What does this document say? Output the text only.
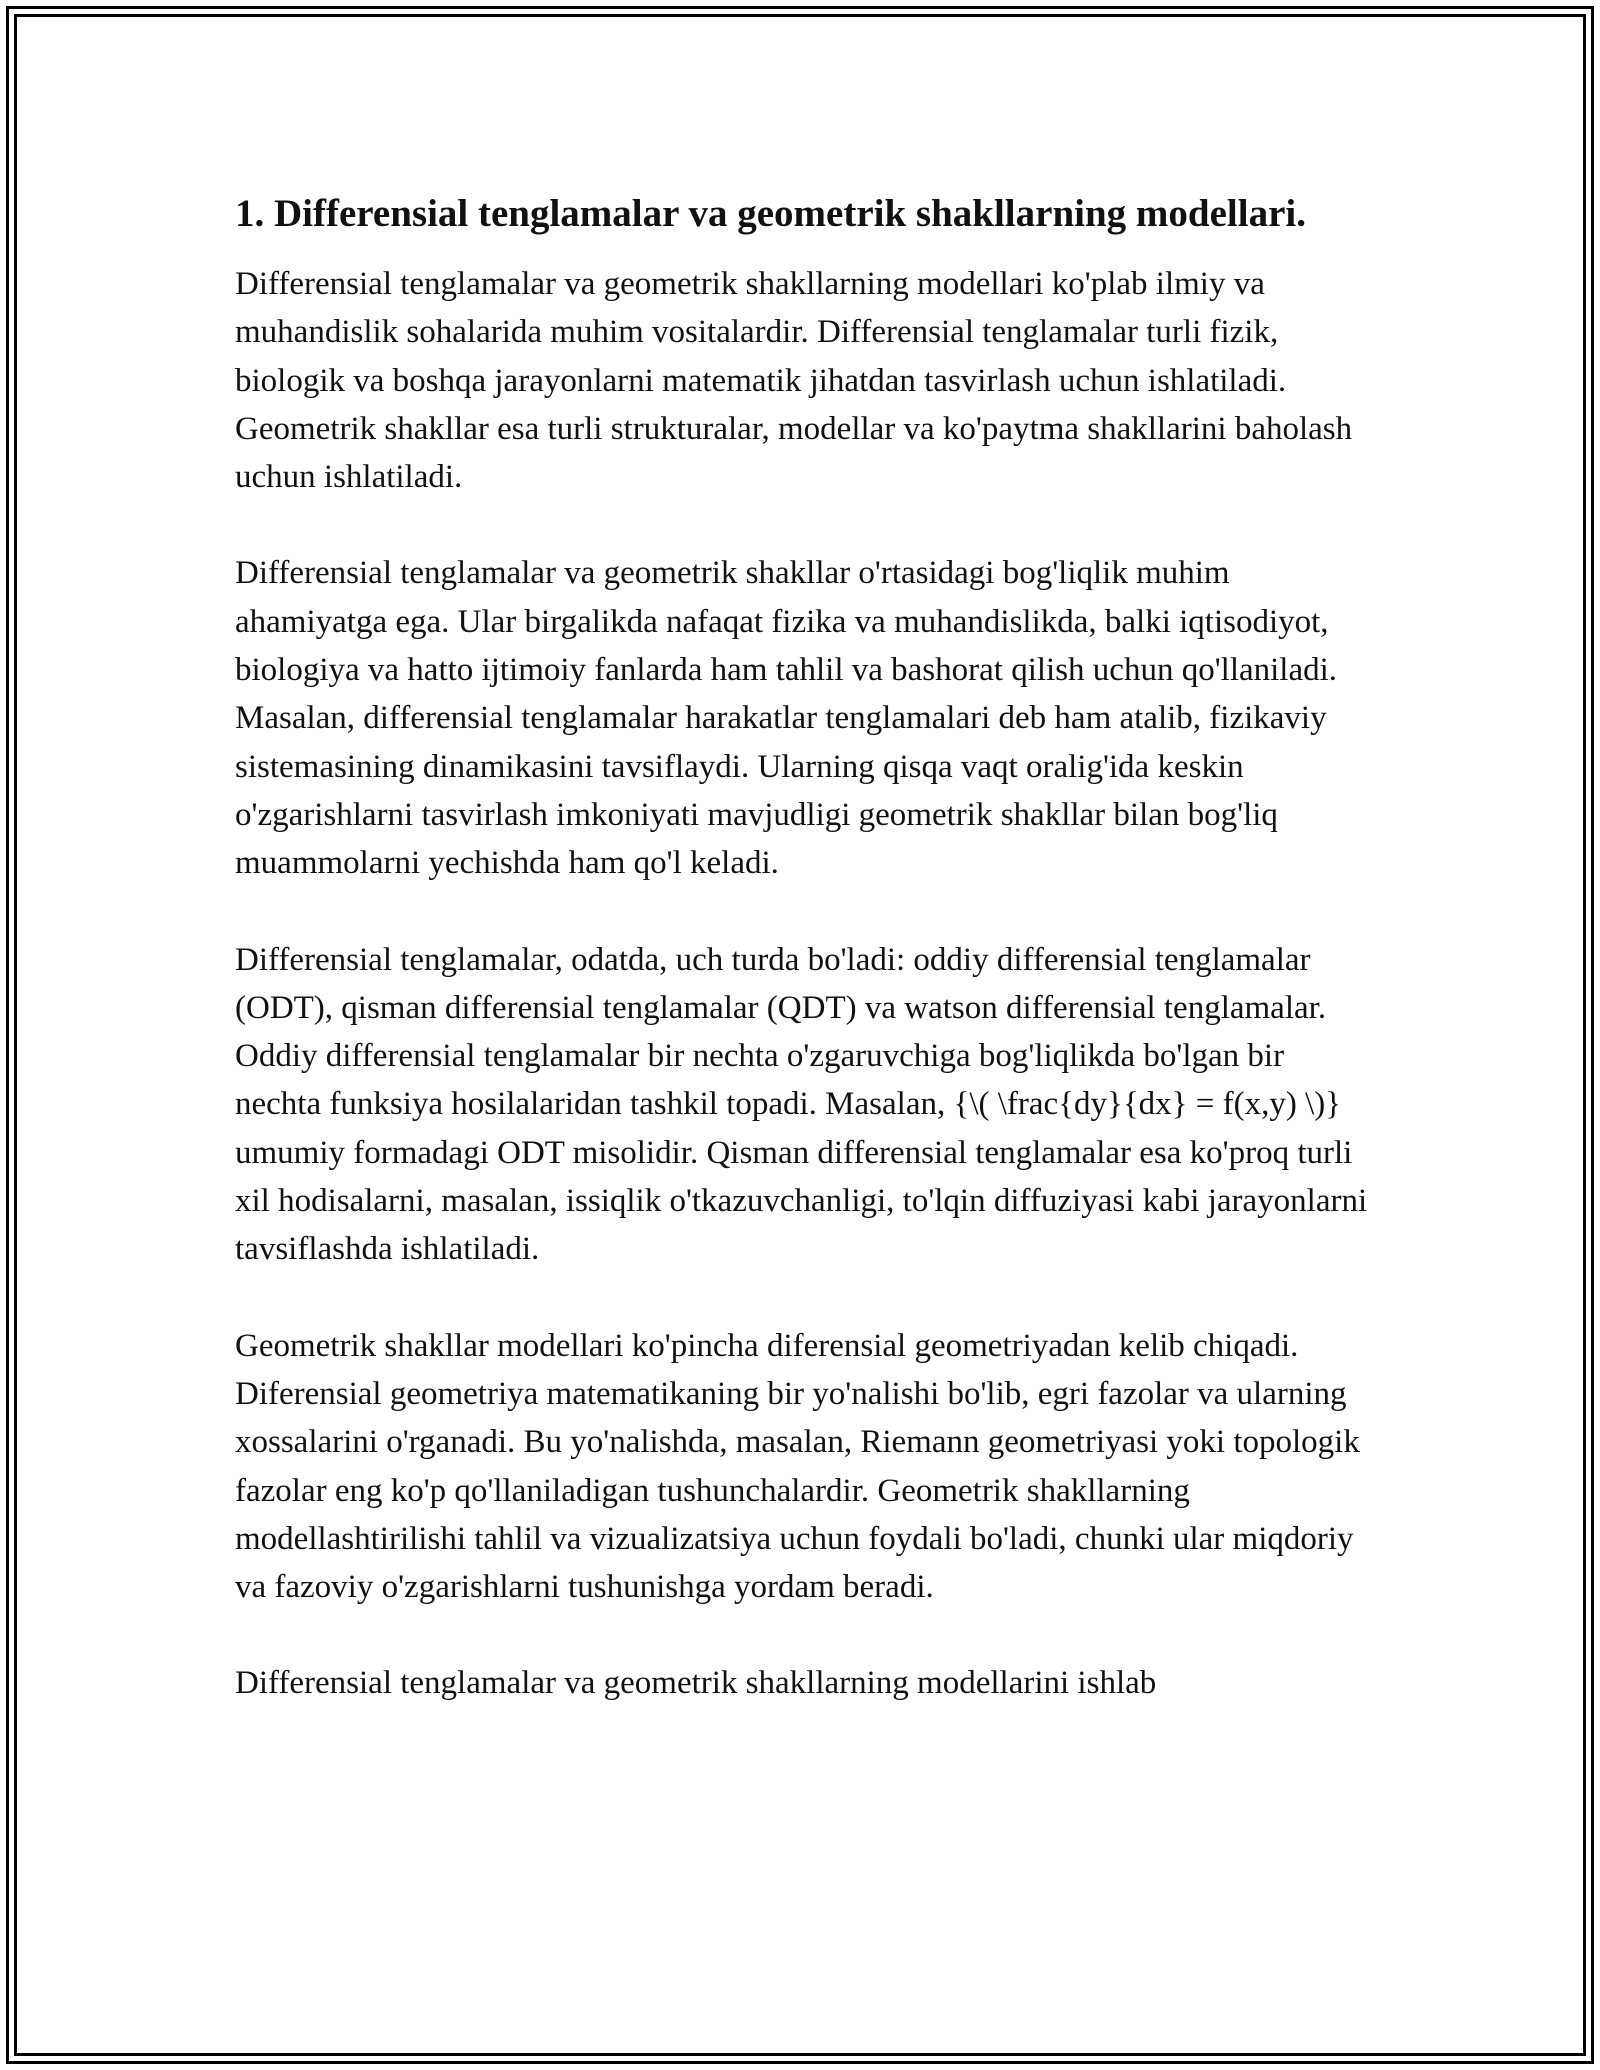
1. Differensial tenglamalar va geometrik shakllarning modellari.

Differensial tenglamalar va geometrik shakllarning modellari ko'plab ilmiy va muhandislik sohalarida muhim vositalardir. Differensial tenglamalar turli fizik, biologik va boshqa jarayonlarni matematik jihatdan tasvirlash uchun ishlatiladi. Geometrik shakllar esa turli strukturalar, modellar va ko'paytma shakllarini baholash uchun ishlatiladi.

Differensial tenglamalar va geometrik shakllar o'rtasidagi bog'liqlik muhim ahamiyatga ega. Ular birgalikda nafaqat fizika va muhandislikda, balki iqtisodiyot, biologiya va hatto ijtimoiy fanlarda ham tahlil va bashorat qilish uchun qo'llaniladi. Masalan, differensial tenglamalar harakatlar tenglamalari deb ham atalib, fizikaviy sistemasining dinamikasini tavsiflaydi. Ularning qisqa vaqt oralig'ida keskin o'zgarishlarni tasvirlash imkoniyati mavjudligi geometrik shakllar bilan bog'liq muammolarni yechishda ham qo'l keladi.

Differensial tenglamalar, odatda, uch turda bo'ladi: oddiy differensial tenglamalar (ODT), qisman differensial tenglamalar (QDT) va watson differensial tenglamalar. Oddiy differensial tenglamalar bir nechta o'zgaruvchiga bog'liqlikda bo'lgan bir nechta funksiya hosilalaridan tashkil topadi. Masalan, {\( \frac{dy}{dx} = f(x,y) \)} umumiy formadagi ODT misolidir. Qisman differensial tenglamalar esa ko'proq turli xil hodisalarni, masalan, issiqlik o'tkazuvchanligi, to'lqin diffuziyasi kabi jarayonlarni tavsiflashda ishlatiladi.

Geometrik shakllar modellari ko'pincha diferensial geometriyadan kelib chiqadi. Diferensial geometriya matematikaning bir yo'nalishi bo'lib, egri fazolar va ularning xossalarini o'rganadi. Bu yo'nalishda, masalan, Riemann geometriyasi yoki topologik fazolar eng ko'p qo'llaniladigan tushunchalardir. Geometrik shakllarning modellashtirilishi tahlil va vizualizatsiya uchun foydali bo'ladi, chunki ular miqdoriy va fazoviy o'zgarishlarni tushunishga yordam beradi.

Differensial tenglamalar va geometrik shakllarning modellarini ishlab
